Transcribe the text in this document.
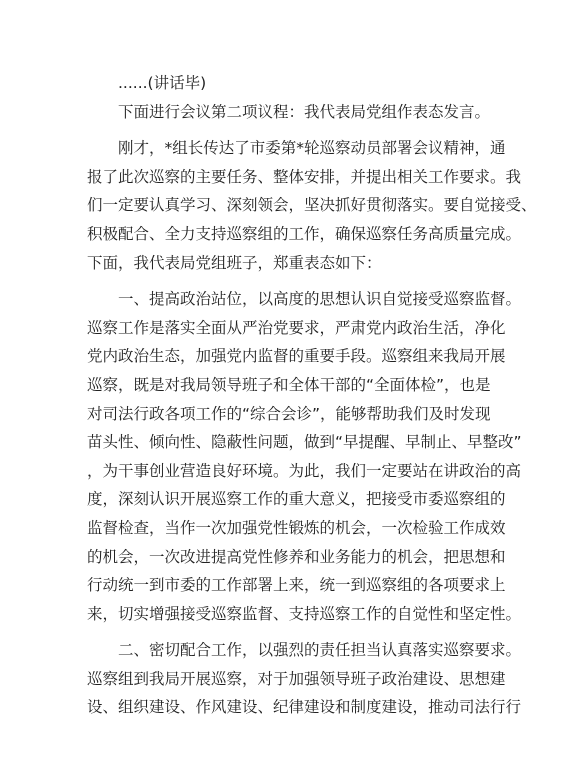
......(讲话毕)
下面进行会议第二项议程：我代表局党组作表态发言。
刚才，*组长传达了市委第*轮巡察动员部署会议精神，通
报了此次巡察的主要任务、整体安排，并提出相关工作要求。我
们一定要认真学习、深刻领会，坚决抓好贯彻落实。要自觉接受、
积极配合、全力支持巡察组的工作，确保巡察任务高质量完成。
下面，我代表局党组班子，郑重表态如下：
一、提高政治站位，以高度的思想认识自觉接受巡察监督。
巡察工作是落实全面从严治党要求，严肃党内政治生活，净化
党内政治生态，加强党内监督的重要手段。巡察组来我局开展
巡察，既是对我局领导班子和全体干部的“全面体检”，也是
对司法行政各项工作的“综合会诊”，能够帮助我们及时发现
苗头性、倾向性、隐蔽性问题，做到“早提醒、早制止、早整改”
，为干事创业营造良好环境。为此，我们一定要站在讲政治的高
度，深刻认识开展巡察工作的重大意义，把接受市委巡察组的
监督检查，当作一次加强党性锻炼的机会，一次检验工作成效
的机会，一次改进提高党性修养和业务能力的机会，把思想和
行动统一到市委的工作部署上来，统一到巡察组的各项要求上
来，切实增强接受巡察监督、支持巡察工作的自觉性和坚定性。
二、密切配合工作，以强烈的责任担当认真落实巡察要求。
巡察组到我局开展巡察，对于加强领导班子政治建设、思想建
设、组织建设、作风建设、纪律建设和制度建设，推动司法行行
